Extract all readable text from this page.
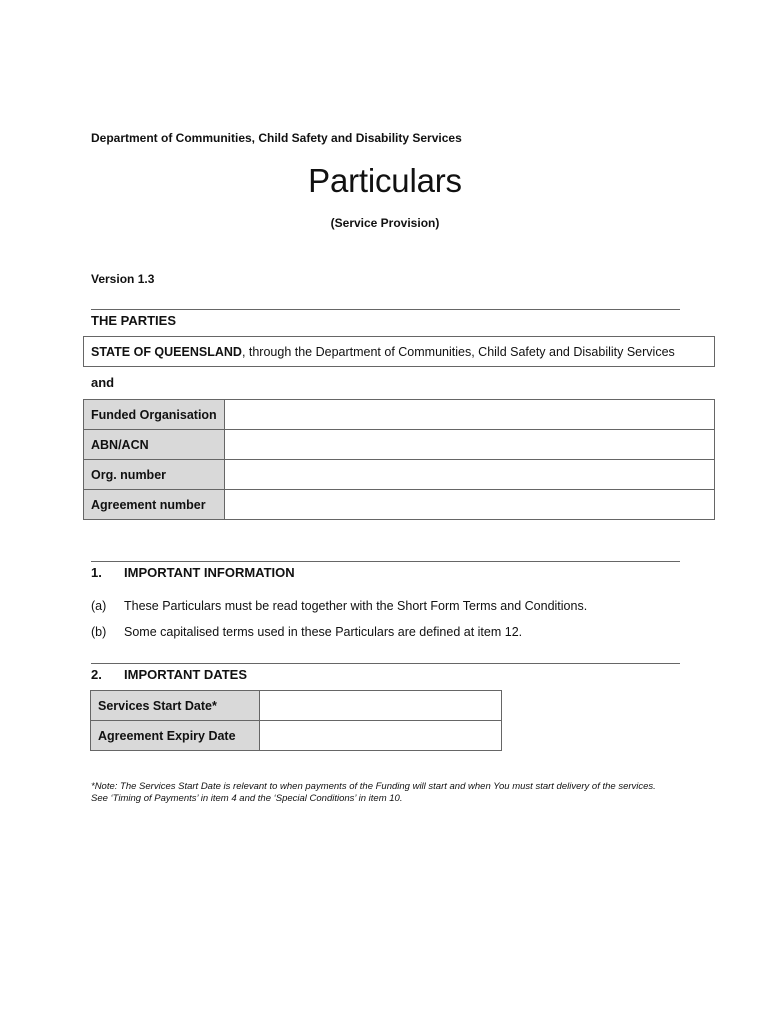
Department of Communities, Child Safety and Disability Services
Particulars
(Service Provision)
Version 1.3
THE PARTIES
STATE OF QUEENSLAND, through the Department of Communities, Child Safety and Disability Services
and
Funded Organisation	
ABN/ACN	
Org. number	
Agreement number	
1. IMPORTANT INFORMATION
(a) These Particulars must be read together with the Short Form Terms and Conditions.
(b) Some capitalised terms used in these Particulars are defined at item 12.
2. IMPORTANT DATES
Services Start Date*	
Agreement Expiry Date	
*Note: The Services Start Date is relevant to when payments of the Funding will start and when You must start delivery of the services. See ‘Timing of Payments’ in item 4 and the ‘Special Conditions’ in item 10.
